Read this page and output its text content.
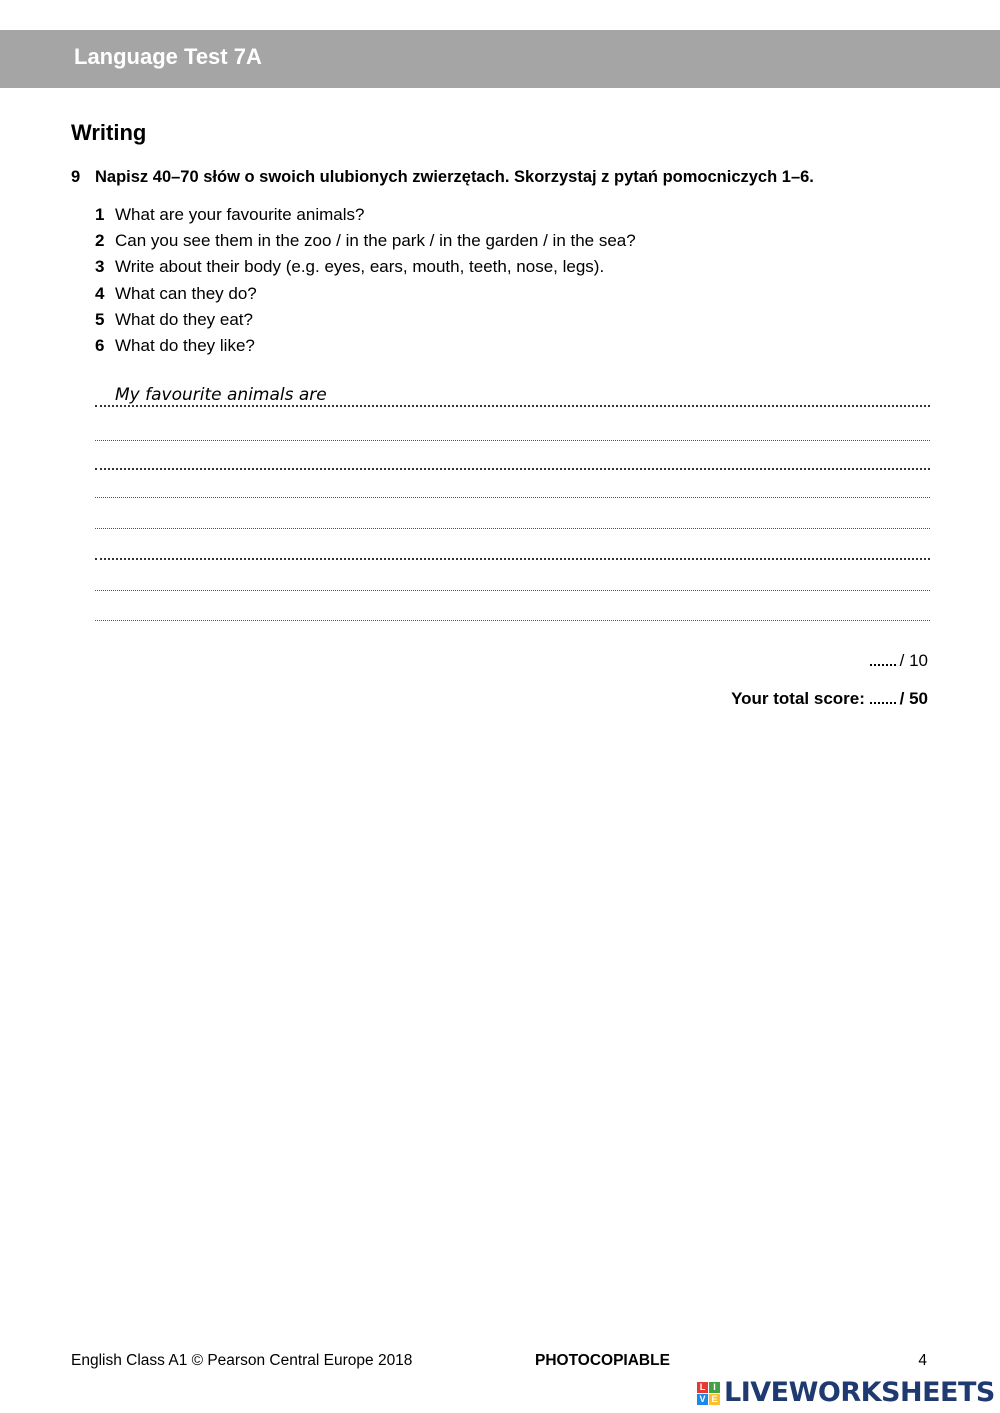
Language Test 7A
Writing
9 Napisz 40–70 słów o swoich ulubionych zwierzętach. Skorzystaj z pytań pomocniczych 1–6.
1 What are your favourite animals?
2 Can you see them in the zoo / in the park / in the garden / in the sea?
3 Write about their body (e.g. eyes, ears, mouth, teeth, nose, legs).
4 What can they do?
5 What do they eat?
6 What do they like?
My favourite animals are
/ 10
Your total score: / 50
English Class A1 © Pearson Central Europe 2018	PHOTOCOPIABLE	4
L I
V E LIVEWORKSHEETS
